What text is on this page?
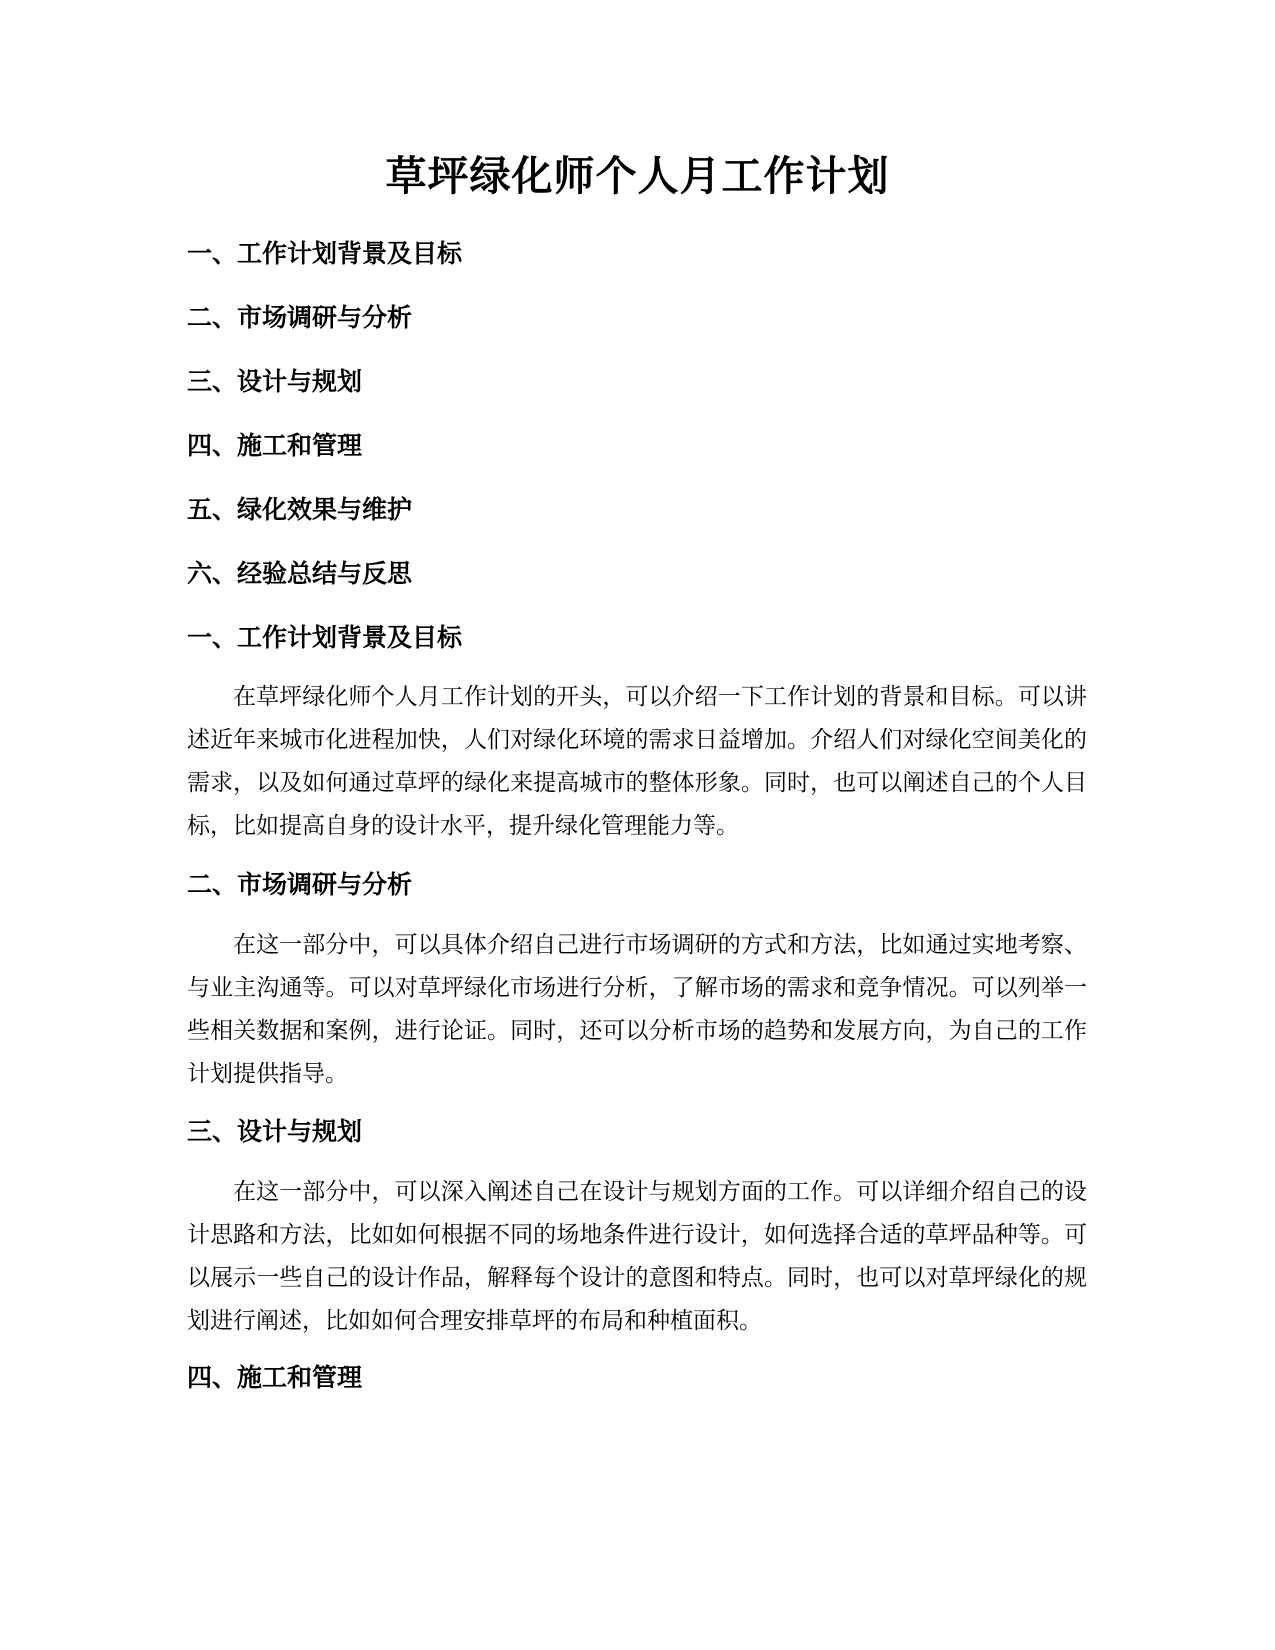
草坪绿化师个人月工作计划

一、工作计划背景及目标

二、市场调研与分析

三、设计与规划

四、施工和管理

五、绿化效果与维护

六、经验总结与反思

一、工作计划背景及目标

在草坪绿化师个人月工作计划的开头，可以介绍一下工作计划的背景和目标。可以讲述近年来城市化进程加快，人们对绿化环境的需求日益增加。介绍人们对绿化空间美化的需求，以及如何通过草坪的绿化来提高城市的整体形象。同时，也可以阐述自己的个人目标，比如提高自身的设计水平，提升绿化管理能力等。

二、市场调研与分析

在这一部分中，可以具体介绍自己进行市场调研的方式和方法，比如通过实地考察、与业主沟通等。可以对草坪绿化市场进行分析，了解市场的需求和竞争情况。可以列举一些相关数据和案例，进行论证。同时，还可以分析市场的趋势和发展方向，为自己的工作计划提供指导。

三、设计与规划

在这一部分中，可以深入阐述自己在设计与规划方面的工作。可以详细介绍自己的设计思路和方法，比如如何根据不同的场地条件进行设计，如何选择合适的草坪品种等。可以展示一些自己的设计作品，解释每个设计的意图和特点。同时，也可以对草坪绿化的规划进行阐述，比如如何合理安排草坪的布局和种植面积。

四、施工和管理
